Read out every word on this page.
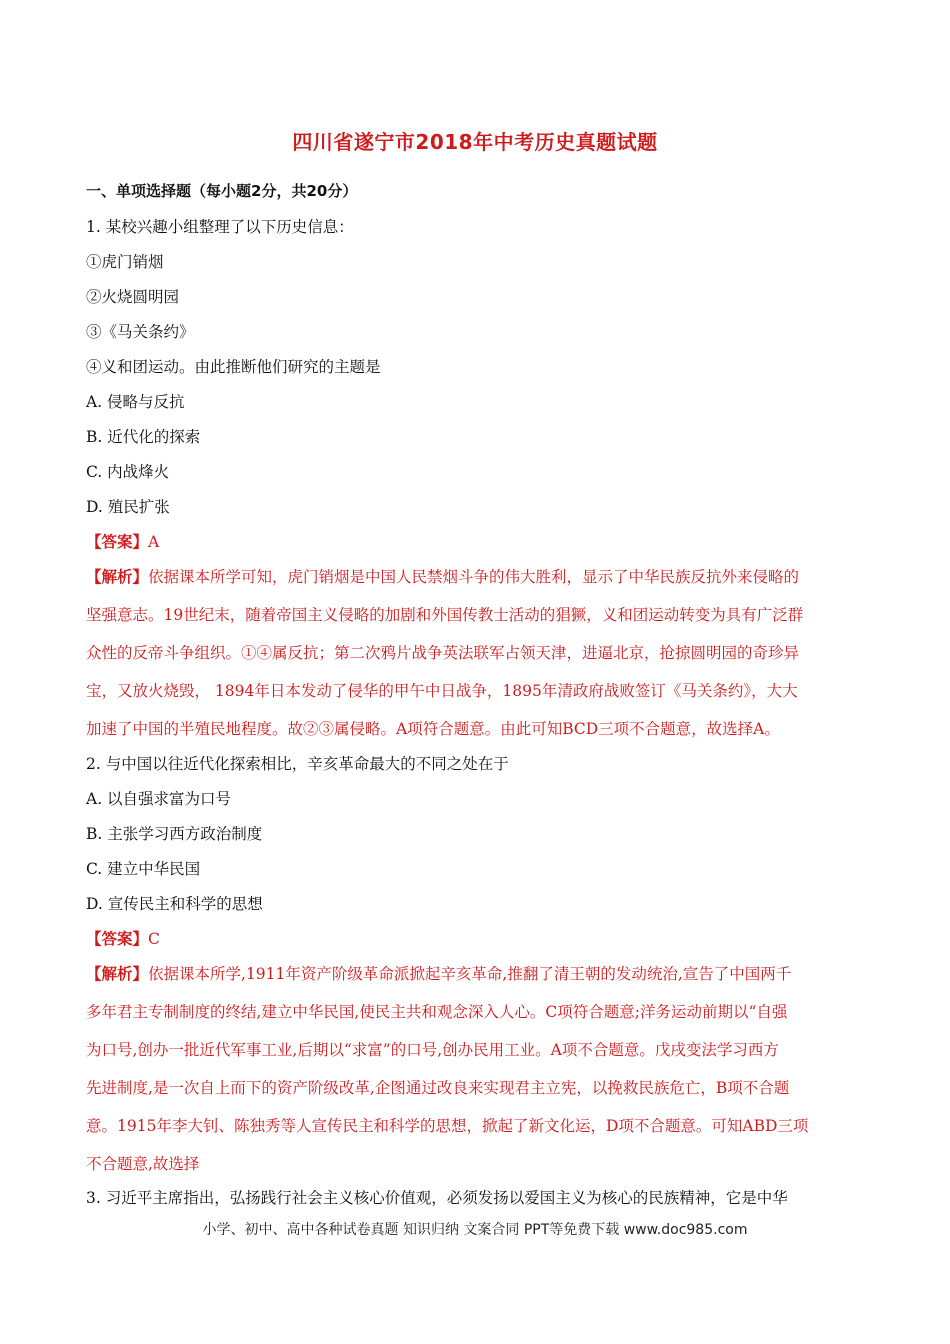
四川省遂宁市2018年中考历史真题试题
一、单项选择题（每小题2分，共20分）
1. 某校兴趣小组整理了以下历史信息：
①虎门销烟
②火烧圆明园
③《马关条约》
④义和团运动。由此推断他们研究的主题是
A. 侵略与反抗
B. 近代化的探索
C. 内战烽火
D. 殖民扩张
【答案】A

【解析】依据课本所学可知，虎门销烟是中国人民禁烟斗争的伟大胜利，显示了中华民族反抗外来侵略的

坚强意志。19世纪末，随着帝国主义侵略的加剧和外国传教士活动的猖獗，义和团运动转变为具有广泛群

众性的反帝斗争组织。①④属反抗；第二次鸦片战争英法联军占领天津，进逼北京，抢掠圆明园的奇珍异

宝，又放火烧毁， 1894年日本发动了侵华的甲午中日战争，1895年清政府战败签订《马关条约》，大大

加速了中国的半殖民地程度。故②③属侵略。A项符合题意。由此可知BCD三项不合题意，故选择A。

2. 与中国以往近代化探索相比，辛亥革命最大的不同之处在于
A. 以自强求富为口号
B. 主张学习西方政治制度
C. 建立中华民国
D. 宣传民主和科学的思想
【答案】C

【解析】依据课本所学,1911年资产阶级革命派掀起辛亥革命,推翻了清王朝的发动统治,宣告了中国两千

多年君主专制制度的终结,建立中华民国,使民主共和观念深入人心。C项符合题意;洋务运动前期以“自强

为口号,创办一批近代军事工业,后期以“求富”的口号,创办民用工业。A项不合题意。戊戌变法学习西方

先进制度,是一次自上而下的资产阶级改革,企图通过改良来实现君主立宪，以挽救民族危亡，B项不合题

意。1915年李大钊、陈独秀等人宣传民主和科学的思想，掀起了新文化运，D项不合题意。可知ABD三项

不合题意,故选择

3. 习近平主席指出，弘扬践行社会主义核心价值观，必须发扬以爱国主义为核心的民族精神，它是中华
小学、初中、高中各种试卷真题 知识归纳 文案合同 PPT等免费下载 www.doc985.com
